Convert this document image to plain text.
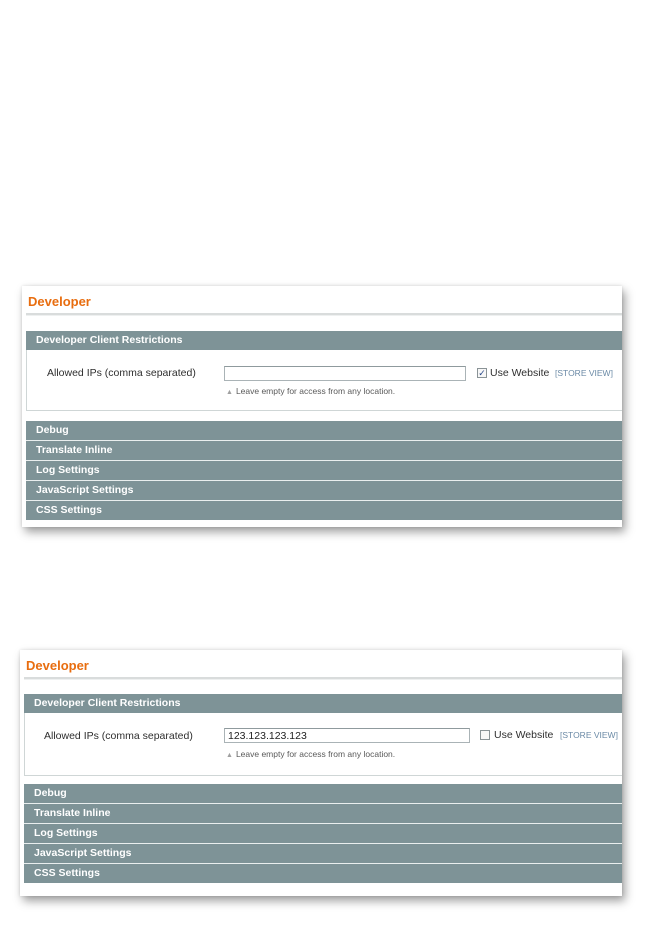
Developer
Developer Client Restrictions
Allowed IPs (comma separated)
▲ Leave empty for access from any location.
✓ Use Website [STORE VIEW]
Debug
Translate Inline
Log Settings
JavaScript Settings
CSS Settings
Developer
Developer Client Restrictions
Allowed IPs (comma separated)
123.123.123.123
▲ Leave empty for access from any location.
Use Website [STORE VIEW]
Debug
Translate Inline
Log Settings
JavaScript Settings
CSS Settings
